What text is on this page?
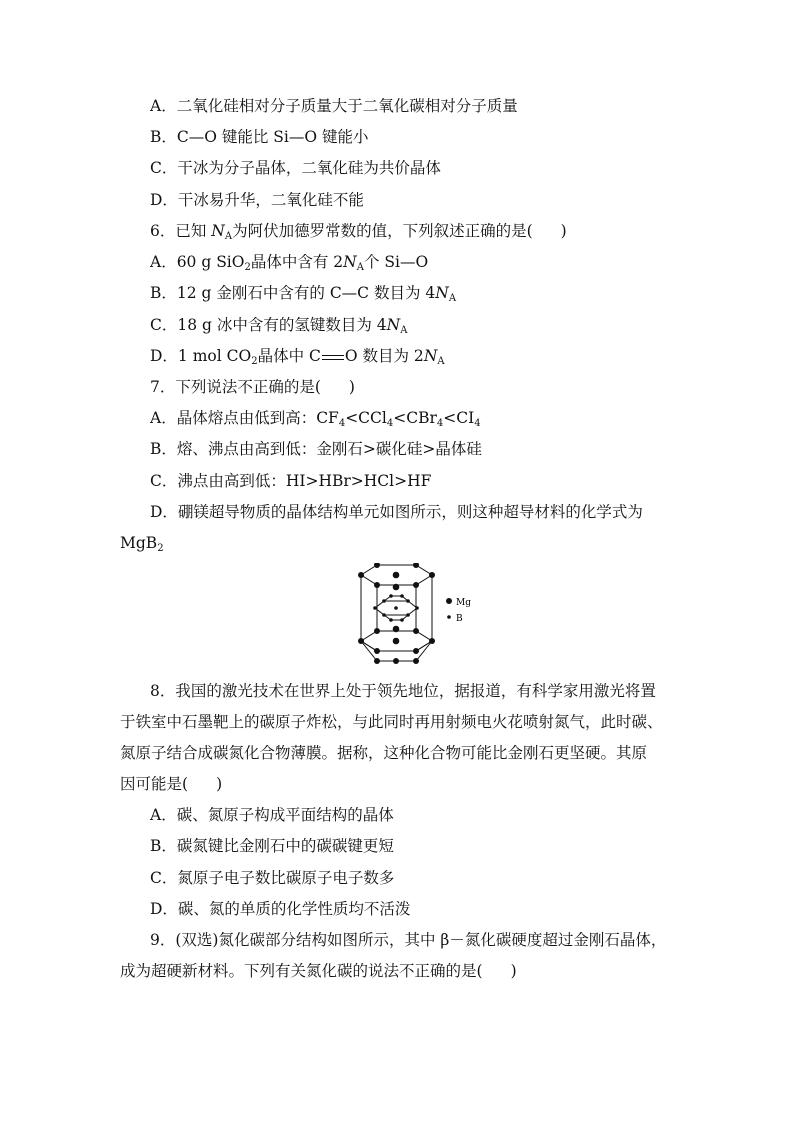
A．二氧化硅相对分子质量大于二氧化碳相对分子质量
B．C—O 键能比 Si—O 键能小
C．干冰为分子晶体，二氧化硅为共价晶体
D．干冰易升华，二氧化硅不能
6．已知 $N_A$为阿伏加德罗常数的值，下列叙述正确的是( )
A．60 g SiO$_2$晶体中含有 $2N_A$个 Si—O
B．12 g 金刚石中含有的 C—C 数目为 $4N_A$
C．18 g 冰中含有的氢键数目为 $4N_A$
D．1 mol $CO_2$晶体中 C O 数目为 $2N_A$
7．下列说法不正确的是( )
A．晶体熔点由低到高：$CF_4<CCl_4<CBr_4<CI_4$
B．熔、沸点由高到低：金刚石>碳化硅>晶体硅
C．沸点由高到低：HI>HBr>HCl>HF
D．硼镁超导物质的晶体结构单元如图所示，则这种超导材料的化学式为
MgB$_2$
Mg
B
8．我国的激光技术在世界上处于领先地位，据报道，有科学家用激光将置
于铁室中石墨靶上的碳原子炸松，与此同时再用射频电火花喷射氮气，此时碳、
氮原子结合成碳氮化合物薄膜。据称，这种化合物可能比金刚石更坚硬。其原
因可能是( )
A．碳、氮原子构成平面结构的晶体
B．碳氮键比金刚石中的碳碳键更短
C．氮原子电子数比碳原子电子数多
D．碳、氮的单质的化学性质均不活泼
9．(双选)氮化碳部分结构如图所示，其中 β－氮化碳硬度超过金刚石晶体，
成为超硬新材料。下列有关氮化碳的说法不正确的是( )
